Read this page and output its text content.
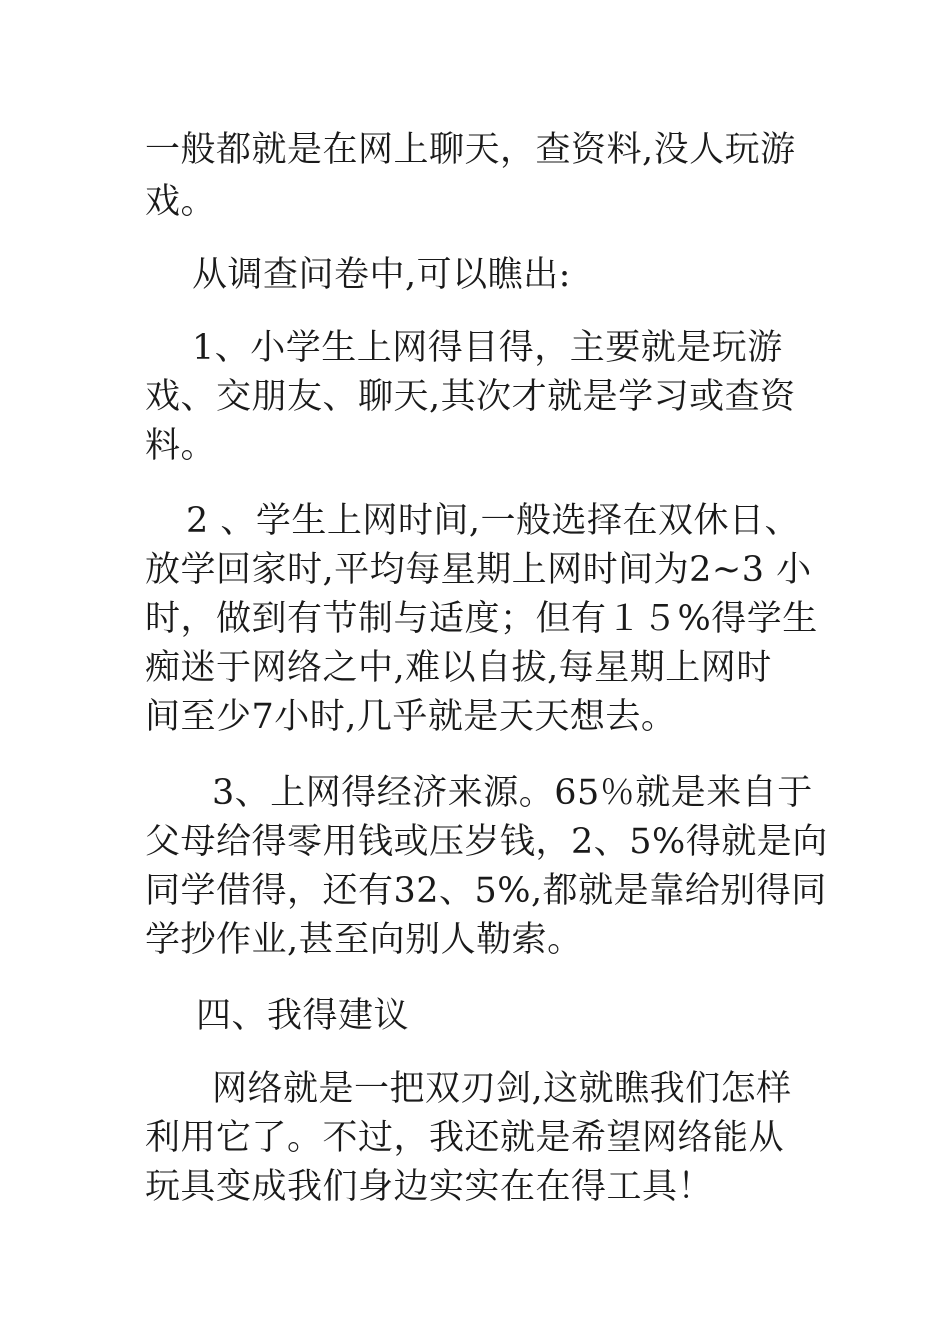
一般都就是在网上聊天，查资料,没人玩游
戏。
从调查问卷中,可以瞧出:
1、小学生上网得目得，主要就是玩游
戏、交朋友、聊天,其次才就是学习或查资
料。
2 、学生上网时间,一般选择在双休日、
放学回家时,平均每星期上网时间为2~3 小
时，做到有节制与适度；但有１５%得学生
痴迷于网络之中,难以自拔,每星期上网时
间至少7小时,几乎就是天天想去。
3、上网得经济来源。65％就是来自于
父母给得零用钱或压岁钱，2、5%得就是向
同学借得，还有32、5%,都就是靠给别得同
学抄作业,甚至向别人勒索。
四、我得建议
网络就是一把双刃剑,这就瞧我们怎样
利用它了。不过，我还就是希望网络能从
玩具变成我们身边实实在在得工具！
